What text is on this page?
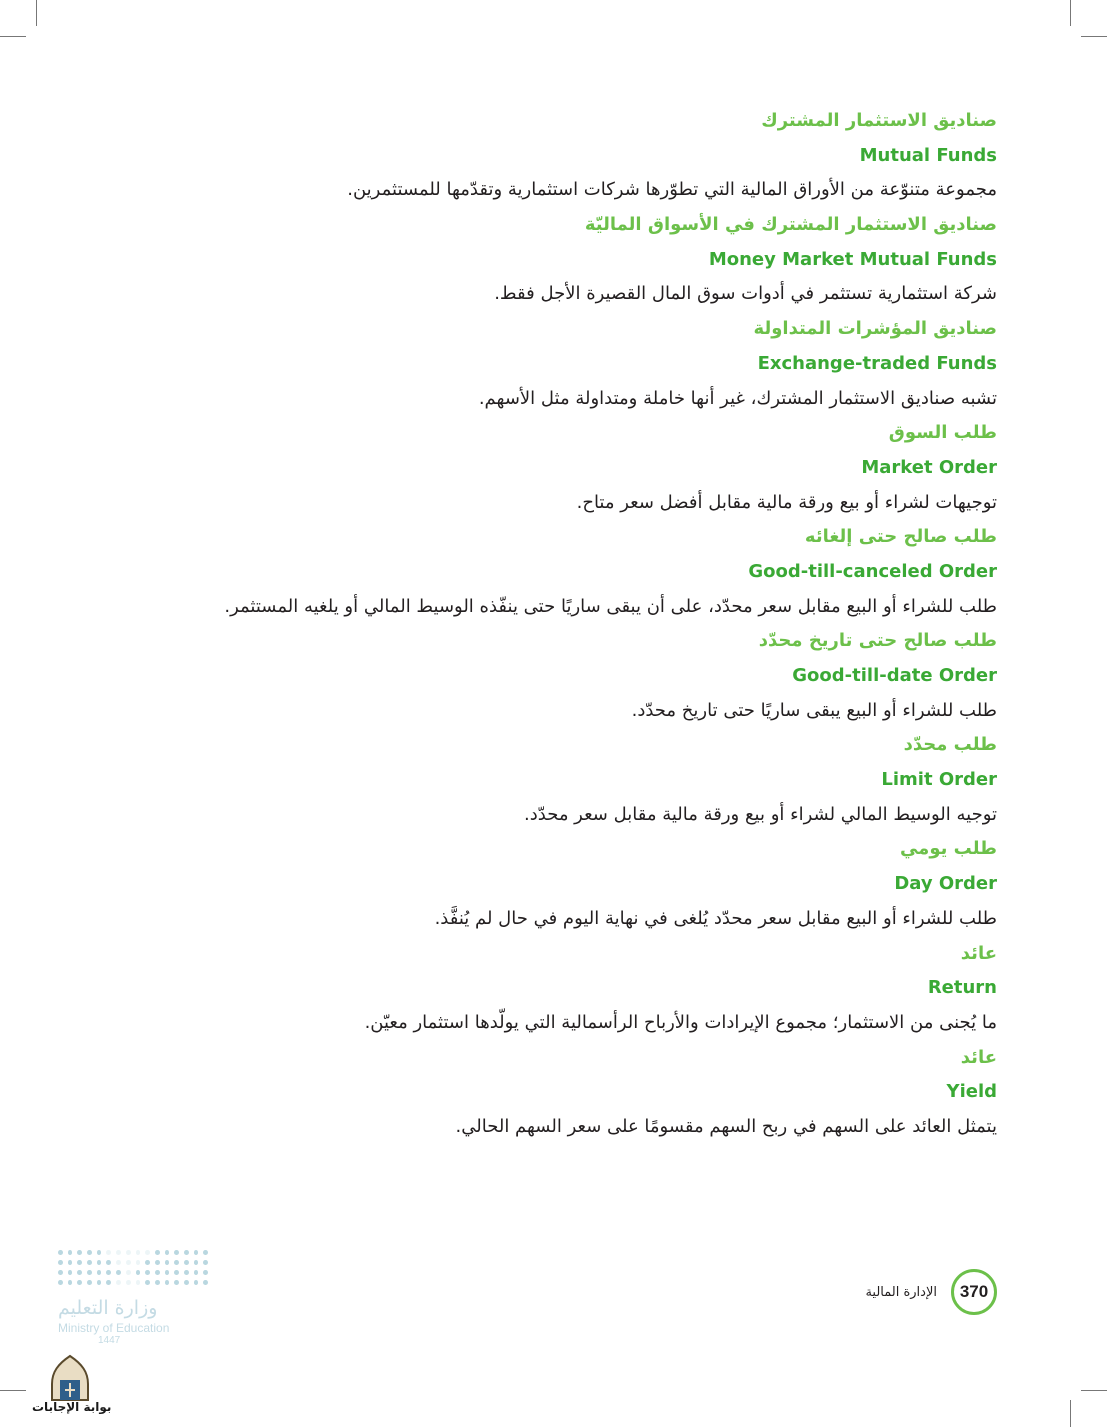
صناديق الاستثمار المشترك
Mutual Funds
مجموعة متنوّعة من الأوراق المالية التي تطوّرها شركات استثمارية وتقدّمها للمستثمرين.
صناديق الاستثمار المشترك في الأسواق الماليّة
Money Market Mutual Funds
شركة استثمارية تستثمر في أدوات سوق المال القصيرة الأجل فقط.
صناديق المؤشرات المتداولة
Exchange-traded Funds
تشبه صناديق الاستثمار المشترك، غير أنها خاملة ومتداولة مثل الأسهم.
طلب السوق
Market Order
توجيهات لشراء أو بيع ورقة مالية مقابل أفضل سعر متاح.
طلب صالح حتى إلغائه
Good-till-canceled Order
طلب للشراء أو البيع مقابل سعر محدّد، على أن يبقى ساريًا حتى ينفّذه الوسيط المالي أو يلغيه المستثمر.
طلب صالح حتى تاريخ محدّد
Good-till-date Order
طلب للشراء أو البيع يبقى ساريًا حتى تاريخ محدّد.
طلب محدّد
Limit Order
توجيه الوسيط المالي لشراء أو بيع ورقة مالية مقابل سعر محدّد.
طلب يومي
Day Order
طلب للشراء أو البيع مقابل سعر محدّد يُلغى في نهاية اليوم في حال لم يُنفَّذ.
عائد
Return
ما يُجنى من الاستثمار؛ مجموع الإيرادات والأرباح الرأسمالية التي يولّدها استثمار معيّن.
عائد
Yield
يتمثل العائد على السهم في ربح السهم مقسومًا على سعر السهم الحالي.
370
الإدارة المالية
وزارة التعليم
Ministry of Education
1447
بوابة الإجابات
